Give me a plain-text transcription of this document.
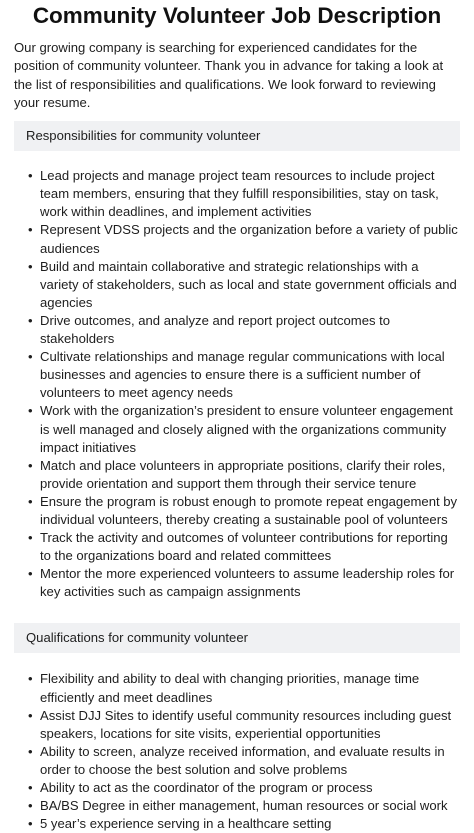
Community Volunteer Job Description

Our growing company is searching for experienced candidates for the position of community volunteer. Thank you in advance for taking a look at the list of responsibilities and qualifications. We look forward to reviewing your resume.

Responsibilities for community volunteer
• Lead projects and manage project team resources to include project team members, ensuring that they fulfill responsibilities, stay on task, work within deadlines, and implement activities
• Represent VDSS projects and the organization before a variety of public audiences
• Build and maintain collaborative and strategic relationships with a variety of stakeholders, such as local and state government officials and agencies
• Drive outcomes, and analyze and report project outcomes to stakeholders
• Cultivate relationships and manage regular communications with local businesses and agencies to ensure there is a sufficient number of volunteers to meet agency needs
• Work with the organization’s president to ensure volunteer engagement is well managed and closely aligned with the organizations community impact initiatives
• Match and place volunteers in appropriate positions, clarify their roles, provide orientation and support them through their service tenure
• Ensure the program is robust enough to promote repeat engagement by individual volunteers, thereby creating a sustainable pool of volunteers
• Track the activity and outcomes of volunteer contributions for reporting to the organizations board and related committees
• Mentor the more experienced volunteers to assume leadership roles for key activities such as campaign assignments
Qualifications for community volunteer
• Flexibility and ability to deal with changing priorities, manage time efficiently and meet deadlines
• Assist DJJ Sites to identify useful community resources including guest speakers, locations for site visits, experiential opportunities
• Ability to screen, analyze received information, and evaluate results in order to choose the best solution and solve problems
• Ability to act as the coordinator of the program or process
• BA/BS Degree in either management, human resources or social work
• 5 year’s experience serving in a healthcare setting
